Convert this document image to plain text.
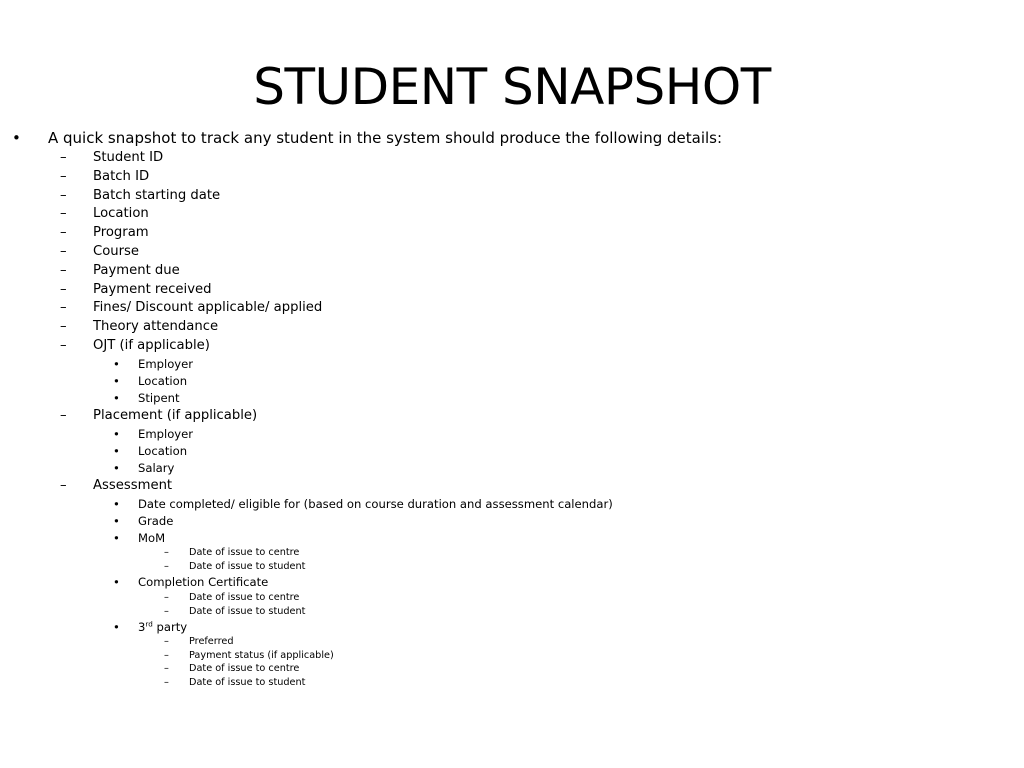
STUDENT SNAPSHOT
•	A quick snapshot to track any student in the system should produce the following details:
–	Student ID
–	Batch ID
–	Batch starting date
–	Location
–	Program
–	Course
–	Payment due
–	Payment received
–	Fines/ Discount applicable/ applied
–	Theory attendance
–	OJT (if applicable)
•	Employer
•	Location
•	Stipent
–	Placement (if applicable)
•	Employer
•	Location
•	Salary
–	Assessment
•	Date completed/ eligible for (based on course duration and assessment calendar)
•	Grade
•	MoM
–	Date of issue to centre
–	Date of issue to student
•	Completion Certificate
–	Date of issue to centre
–	Date of issue to student
•	3rd party
–	Preferred
–	Payment status (if applicable)
–	Date of issue to centre
–	Date of issue to student
